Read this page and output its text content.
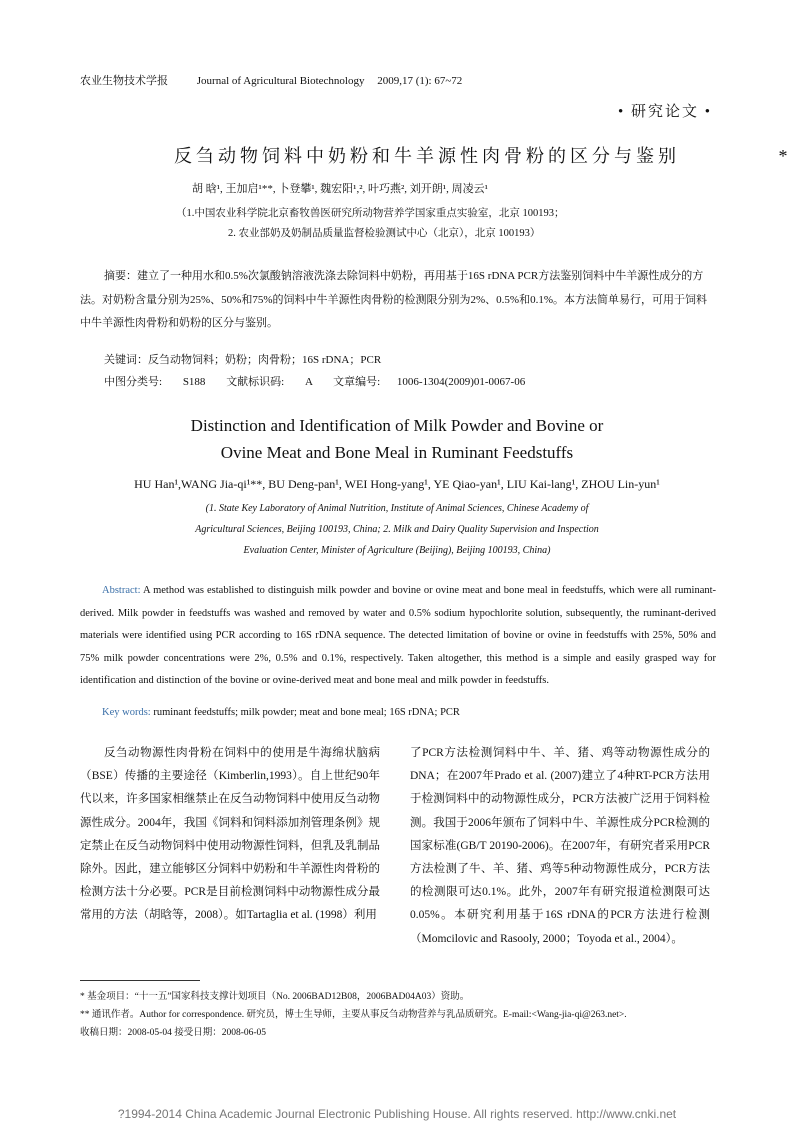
农业生物技术学报	Journal of Agricultural Biotechnology 2009,17 (1): 67~72
• 研究论文 •
反刍动物饲料中奶粉和牛羊源性肉骨粉的区分与鉴别	*
胡 晗¹, 王加启¹**, 卜登攀¹, 魏宏阳¹,², 叶巧燕², 刘开朗¹, 周凌云¹
（1.中国农业科学院北京畜牧兽医研究所动物营养学国家重点实验室，北京 100193；
2. 农业部奶及奶制品质量监督检验测试中心（北京），北京 100193）
摘要：建立了一种用水和0.5%次氯酸钠溶液洗涤去除饲料中奶粉，再用基于16S rDNA PCR方法鉴别饲料中牛羊源性成分的方法。对奶粉含量分别为25%、50%和75%的饲料中牛羊源性肉骨粉的检测限分别为2%、0.5%和0.1%。本方法简单易行，可用于饲料中牛羊源性肉骨粉和奶粉的区分与鉴别。
关键词：反刍动物饲料；奶粉；肉骨粉；16S rDNA；PCR
中图分类号: S188 文献标识码: A 文章编号: 1006-1304(2009)01-0067-06
Distinction and Identification of Milk Powder and Bovine or Ovine Meat and Bone Meal in Ruminant Feedstuffs
HU Han¹,WANG Jia-qi¹**, BU Deng-pan¹, WEI Hong-yang¹, YE Qiao-yan¹, LIU Kai-lang¹, ZHOU Lin-yun¹
(1. State Key Laboratory of Animal Nutrition, Institute of Animal Sciences, Chinese Academy of Agricultural Sciences, Beijing 100193, China; 2. Milk and Dairy Quality Supervision and Inspection Evaluation Center, Minister of Agriculture (Beijing), Beijing 100193, China)
Abstract: A method was established to distinguish milk powder and bovine or ovine meat and bone meal in feedstuffs, which were all ruminant-derived. Milk powder in feedstuffs was washed and removed by water and 0.5% sodium hypochlorite solution, subsequently, the ruminant-derived materials were identified using PCR according to 16S rDNA sequence. The detected limitation of bovine or ovine in feedstuffs with 25%, 50% and 75% milk powder concentrations were 2%, 0.5% and 0.1%, respectively. Taken altogether, this method is a simple and easily grasped way for identification and distinction of the bovine or ovine-derived meat and bone meal and milk powder in feedstuffs.
Key words: ruminant feedstuffs; milk powder; meat and bone meal; 16S rDNA; PCR
反刍动物源性肉骨粉在饲料中的使用是牛海绵状脑病（BSE）传播的主要途径（Kimberlin,1993）。自上世纪90年代以来，许多国家相继禁止在反刍动物饲料中使用反刍动物源性成分。2004年，我国《饲料和饲料添加剂管理条例》规定禁止在反刍动物饲料中使用动物源性饲料，但乳及乳制品除外。因此，建立能够区分饲料中奶粉和牛羊源性肉骨粉的检测方法十分必要。PCR是目前检测饲料中动物源性成分最常用的方法（胡晗等，2008）。如Tartaglia et al. (1998）利用
了PCR方法检测饲料中牛、羊、猪、鸡等动物源性成分的DNA；在2007年Prado et al. (2007)建立了4种RT-PCR方法用于检测饲料中的动物源性成分，PCR方法被广泛用于饲料检测。我国于2006年颁布了饲料中牛、羊源性成分PCR检测的国家标准(GB/T 20190-2006)。在2007年，有研究者采用PCR方法检测了牛、羊、猪、鸡等5种动物源性成分，PCR方法的检测限可达0.1%。此外，2007年有研究报道检测限可达0.05%。本研究利用基于16S rDNA的PCR方法进行检测（Momcilovic and Rasooly, 2000；Toyoda et al., 2004）。
* 基金项目：“十一五”国家科技支撑计划项目（No. 2006BAD12B08，2006BAD04A03）资助。
** 通讯作者。Author for correspondence. 研究员，博士生导师，主要从事反刍动物营养与乳品质研究。E-mail:<Wang-jia-qi@263.net>.
收稿日期：2008-05-04 接受日期：2008-06-05
?1994-2014 China Academic Journal Electronic Publishing House. All rights reserved. http://www.cnki.net
